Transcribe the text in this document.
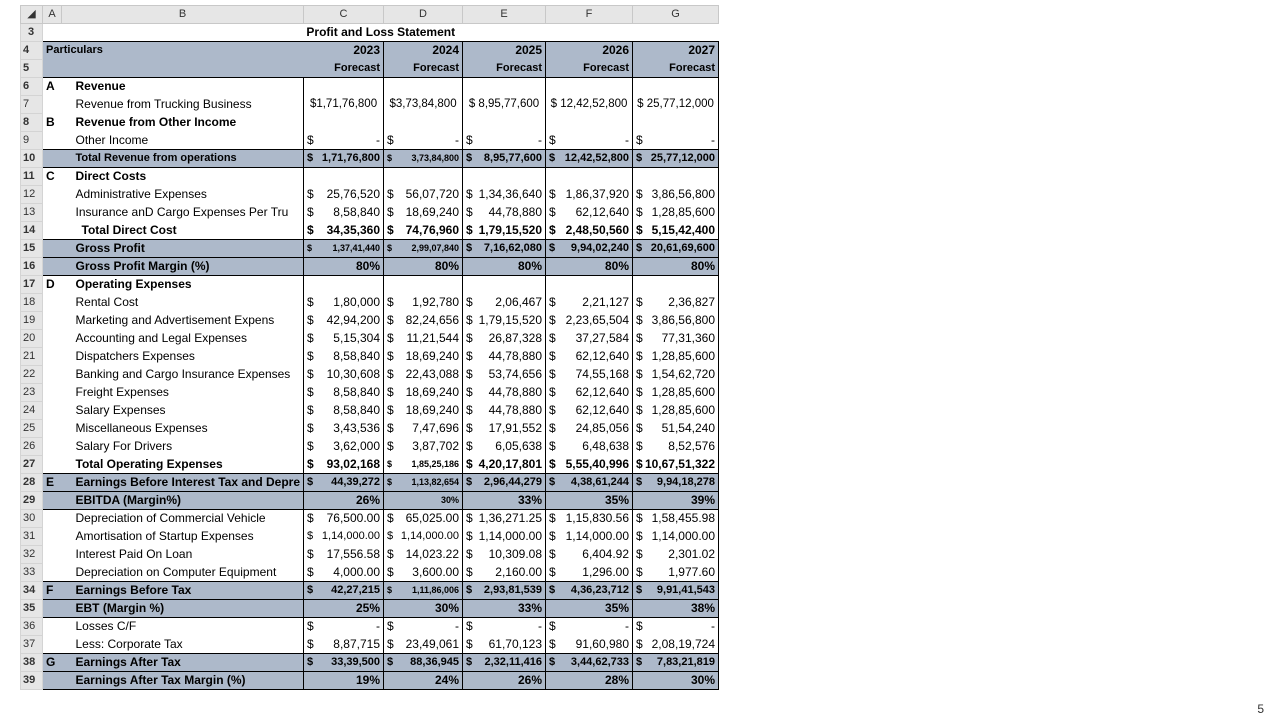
◢	A	B	C	D	E	F	G
3	Profit and Loss Statement						
4	Particulars		2023	2024	2025	2026	2027
5			Forecast	Forecast	Forecast	Forecast	Forecast
6	A	Revenue					
7		Revenue from Trucking Business	$1,71,76,800	$3,73,84,800	$ 8,95,77,600	$ 12,42,52,800	$ 25,77,12,000
8	B	Revenue from Other Income					
9		Other Income	$ -	$ -	$ -	$ -	$ -

10		Total Revenue from operations	$ 1,71,76,800	$ 3,73,84,800	$ 8,95,77,600	$ 12,42,52,800	$ 25,77,12,000

11	C	Direct Costs					
12		Administrative Expenses	$ 25,76,520	$ 56,07,720	$ 1,34,36,640	$ 1,86,37,920	$ 3,86,56,800

13		Insurance anD Cargo Expenses Per Tru	$ 8,58,840	$ 18,69,240	$ 44,78,880	$ 62,12,640	$ 1,28,85,600

14		Total Direct Cost	$ 34,35,360	$ 74,76,960	$ 1,79,15,520	$ 2,48,50,560	$ 5,15,42,400

15		Gross Profit	$ 1,37,41,440	$ 2,99,07,840	$ 7,16,62,080	$ 9,94,02,240	$ 20,61,69,600

16		Gross Profit Margin (%)	80%	80%	80%	80%	80%
17	D	Operating Expenses					
18		Rental Cost	$ 1,80,000	$ 1,92,780	$ 2,06,467	$ 2,21,127	$ 2,36,827

19		Marketing and Advertisement Expens	$ 42,94,200	$ 82,24,656	$ 1,79,15,520	$ 2,23,65,504	$ 3,86,56,800

20		Accounting and Legal Expenses	$ 5,15,304	$ 11,21,544	$ 26,87,328	$ 37,27,584	$ 77,31,360

21		Dispatchers Expenses	$ 8,58,840	$ 18,69,240	$ 44,78,880	$ 62,12,640	$ 1,28,85,600

22		Banking and Cargo Insurance Expenses	$ 10,30,608	$ 22,43,088	$ 53,74,656	$ 74,55,168	$ 1,54,62,720

23		Freight Expenses	$ 8,58,840	$ 18,69,240	$ 44,78,880	$ 62,12,640	$ 1,28,85,600

24		Salary Expenses	$ 8,58,840	$ 18,69,240	$ 44,78,880	$ 62,12,640	$ 1,28,85,600

25		Miscellaneous Expenses	$ 3,43,536	$ 7,47,696	$ 17,91,552	$ 24,85,056	$ 51,54,240

26		Salary For Drivers	$ 3,62,000	$ 3,87,702	$ 6,05,638	$ 6,48,638	$ 8,52,576

27		Total Operating Expenses	$ 93,02,168	$ 1,85,25,186	$ 4,20,17,801	$ 5,55,40,996	$ 10,67,51,322

28	E	Earnings Before Interest Tax and Depre	$ 44,39,272	$ 1,13,82,654	$ 2,96,44,279	$ 4,38,61,244	$ 9,94,18,278

29		EBITDA (Margin%)	26%	30%	33%	35%	39%
30		Depreciation of Commercial Vehicle	$ 76,500.00	$ 65,025.00	$ 1,36,271.25	$ 1,15,830.56	$ 1,58,455.98

31		Amortisation of Startup Expenses	$ 1,14,000.00	$ 1,14,000.00	$ 1,14,000.00	$ 1,14,000.00	$ 1,14,000.00

32		Interest Paid On Loan	$ 17,556.58	$ 14,023.22	$ 10,309.08	$ 6,404.92	$ 2,301.02

33		Depreciation on Computer Equipment	$ 4,000.00	$ 3,600.00	$ 2,160.00	$ 1,296.00	$ 1,977.60

34	F	Earnings Before Tax	$ 42,27,215	$ 1,11,86,006	$ 2,93,81,539	$ 4,36,23,712	$ 9,91,41,543

35		EBT (Margin %)	25%	30%	33%	35%	38%
36		Losses C/F	$ -	$ -	$ -	$ -	$ -

37		Less: Corporate Tax	$ 8,87,715	$ 23,49,061	$ 61,70,123	$ 91,60,980	$ 2,08,19,724

38	G	Earnings After Tax	$ 33,39,500	$ 88,36,945	$ 2,32,11,416	$ 3,44,62,733	$ 7,83,21,819

39		Earnings After Tax Margin (%)	19%	24%	26%	28%	30%
5
